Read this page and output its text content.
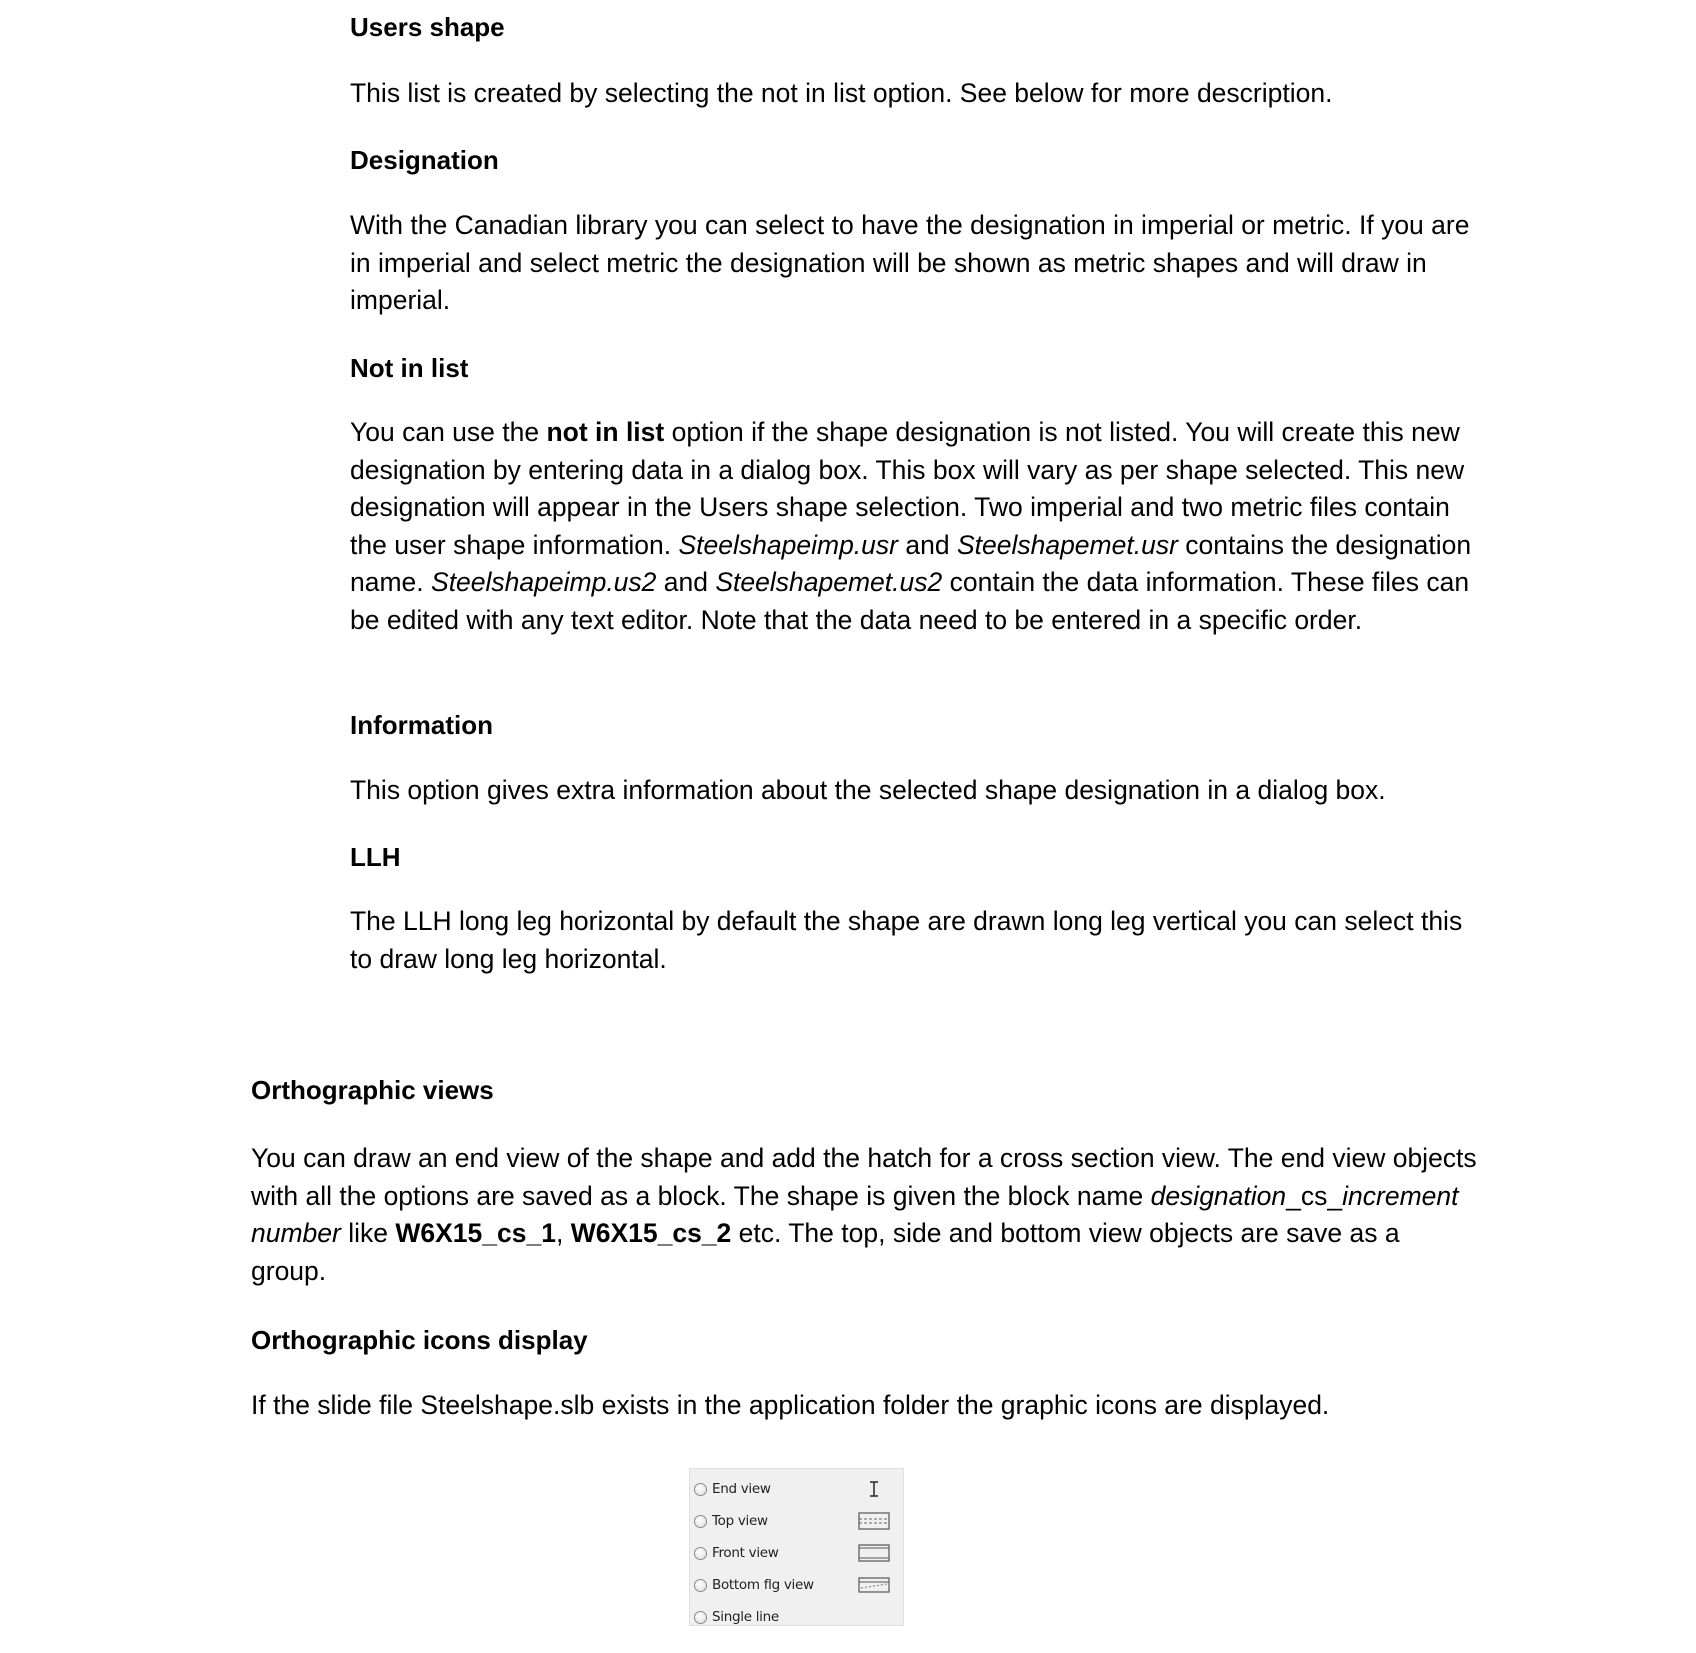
Users shape

This list is created by selecting the not in list option. See below for more description.

Designation

With the Canadian library you can select to have the designation in imperial or metric. If you are in imperial and select metric the designation will be shown as metric shapes and will draw in imperial.

Not in list

You can use the not in list option if the shape designation is not listed. You will create this new designation by entering data in a dialog box. This box will vary as per shape selected. This new designation will appear in the Users shape selection. Two imperial and two metric files contain the user shape information. Steelshapeimp.usr and Steelshapemet.usr contains the designation name. Steelshapeimp.us2 and Steelshapemet.us2 contain the data information. These files can be edited with any text editor. Note that the data need to be entered in a specific order.

Information

This option gives extra information about the selected shape designation in a dialog box.

LLH

The LLH long leg horizontal by default the shape are drawn long leg vertical you can select this to draw long leg horizontal.

Orthographic views

You can draw an end view of the shape and add the hatch for a cross section view. The end view objects with all the options are saved as a block. The shape is given the block name designation_cs_increment number like W6X15_cs_1, W6X15_cs_2 etc. The top, side and bottom view objects are save as a group.

Orthographic icons display

If the slide file Steelshape.slb exists in the application folder the graphic icons are displayed.

End view
Top view
Front view
Bottom flg view
Single line
